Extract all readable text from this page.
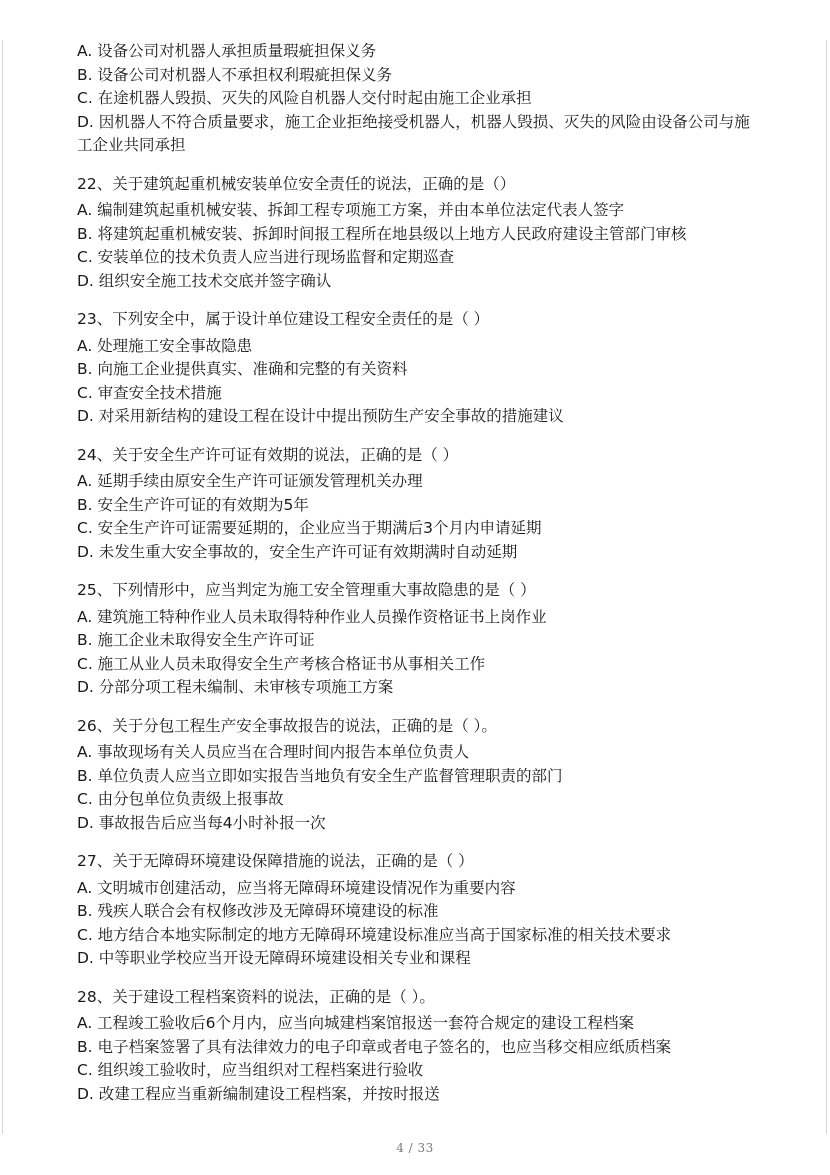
A. 设备公司对机器人承担质量瑕疵担保义务
B. 设备公司对机器人不承担权利瑕疵担保义务
C. 在途机器人毁损、灭失的风险自机器人交付时起由施工企业承担
D. 因机器人不符合质量要求，施工企业拒绝接受机器人，机器人毁损、灭失的风险由设备公司与施工企业共同承担
22、关于建筑起重机械安装单位安全责任的说法，正确的是（）
A. 编制建筑起重机械安装、拆卸工程专项施工方案，并由本单位法定代表人签字
B. 将建筑起重机械安装、拆卸时间报工程所在地县级以上地方人民政府建设主管部门审核
C. 安装单位的技术负责人应当进行现场监督和定期巡查
D. 组织安全施工技术交底并签字确认
23、下列安全中，属于设计单位建设工程安全责任的是（ ）
A. 处理施工安全事故隐患
B. 向施工企业提供真实、准确和完整的有关资料
C. 审查安全技术措施
D. 对采用新结构的建设工程在设计中提出预防生产安全事故的措施建议
24、关于安全生产许可证有效期的说法，正确的是（ ）
A. 延期手续由原安全生产许可证颁发管理机关办理
B. 安全生产许可证的有效期为5年
C. 安全生产许可证需要延期的，企业应当于期满后3个月内申请延期
D. 未发生重大安全事故的，安全生产许可证有效期满时自动延期
25、下列情形中，应当判定为施工安全管理重大事故隐患的是（ ）
A. 建筑施工特种作业人员未取得特种作业人员操作资格证书上岗作业
B. 施工企业未取得安全生产许可证
C. 施工从业人员未取得安全生产考核合格证书从事相关工作
D. 分部分项工程未编制、未审核专项施工方案
26、关于分包工程生产安全事故报告的说法，正确的是（ ）。
A. 事故现场有关人员应当在合理时间内报告本单位负责人
B. 单位负责人应当立即如实报告当地负有安全生产监督管理职责的部门
C. 由分包单位负责级上报事故
D. 事故报告后应当每4小时补报一次
27、关于无障碍环境建设保障措施的说法，正确的是（ ）
A. 文明城市创建活动，应当将无障碍环境建设情况作为重要内容
B. 残疾人联合会有权修改涉及无障碍环境建设的标准
C. 地方结合本地实际制定的地方无障碍环境建设标准应当高于国家标准的相关技术要求
D. 中等职业学校应当开设无障碍环境建设相关专业和课程
28、关于建设工程档案资料的说法，正确的是（ ）。
A. 工程竣工验收后6个月内，应当向城建档案馆报送一套符合规定的建设工程档案
B. 电子档案签署了具有法律效力的电子印章或者电子签名的，也应当移交相应纸质档案
C. 组织竣工验收时，应当组织对工程档案进行验收
D. 改建工程应当重新编制建设工程档案，并按时报送
4 / 33
